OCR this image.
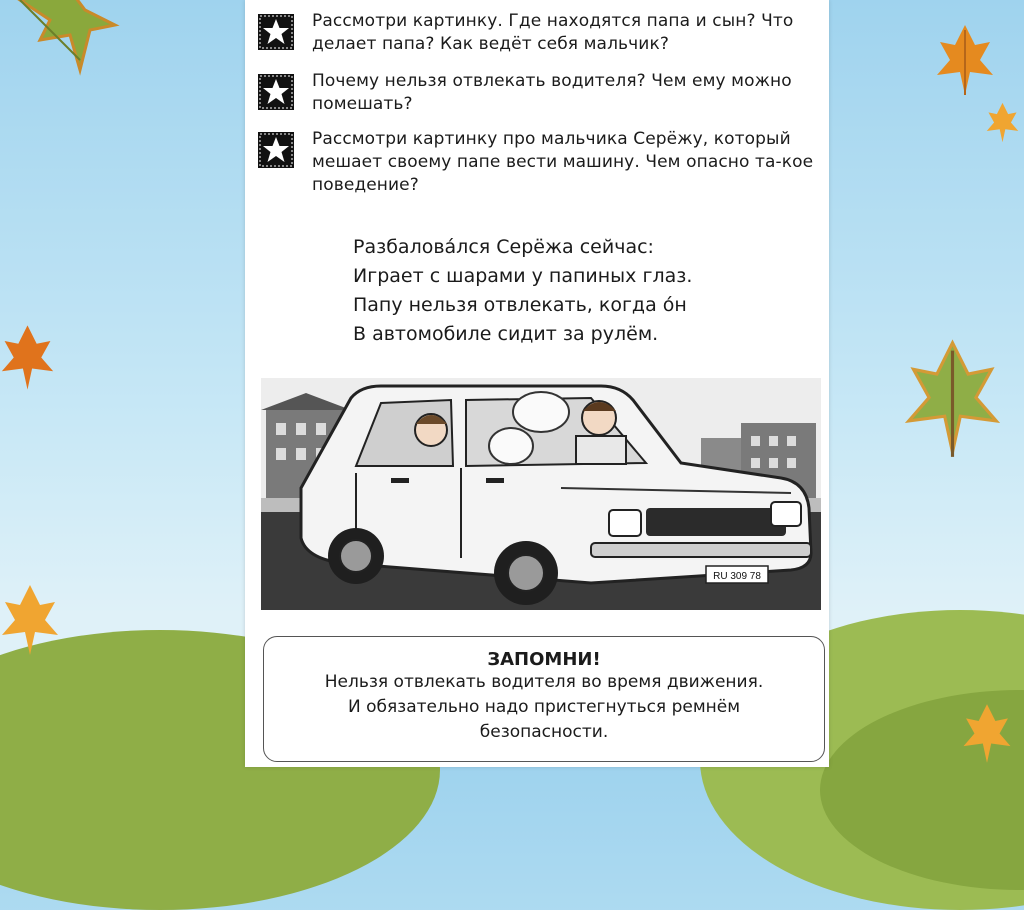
Рассмотри картинку. Где находятся папа и сын? Что делает папа? Как ведёт себя мальчик?
Почему нельзя отвлекать водителя? Чем ему можно помешать?
Рассмотри картинку про мальчика Серёжу, который мешает своему папе вести машину. Чем опасно та-кое поведение?
Разбаловáлся Серёжа сейчас:
Играет с шарами у папиных глаз.
Папу нельзя отвлекать, когда óн
В автомобиле сидит за рулём.
RU 309 78
ЗАПОМНИ!
Нельзя отвлекать водителя во время движения.
И обязательно надо пристегнуться ремнём
безопасности.
